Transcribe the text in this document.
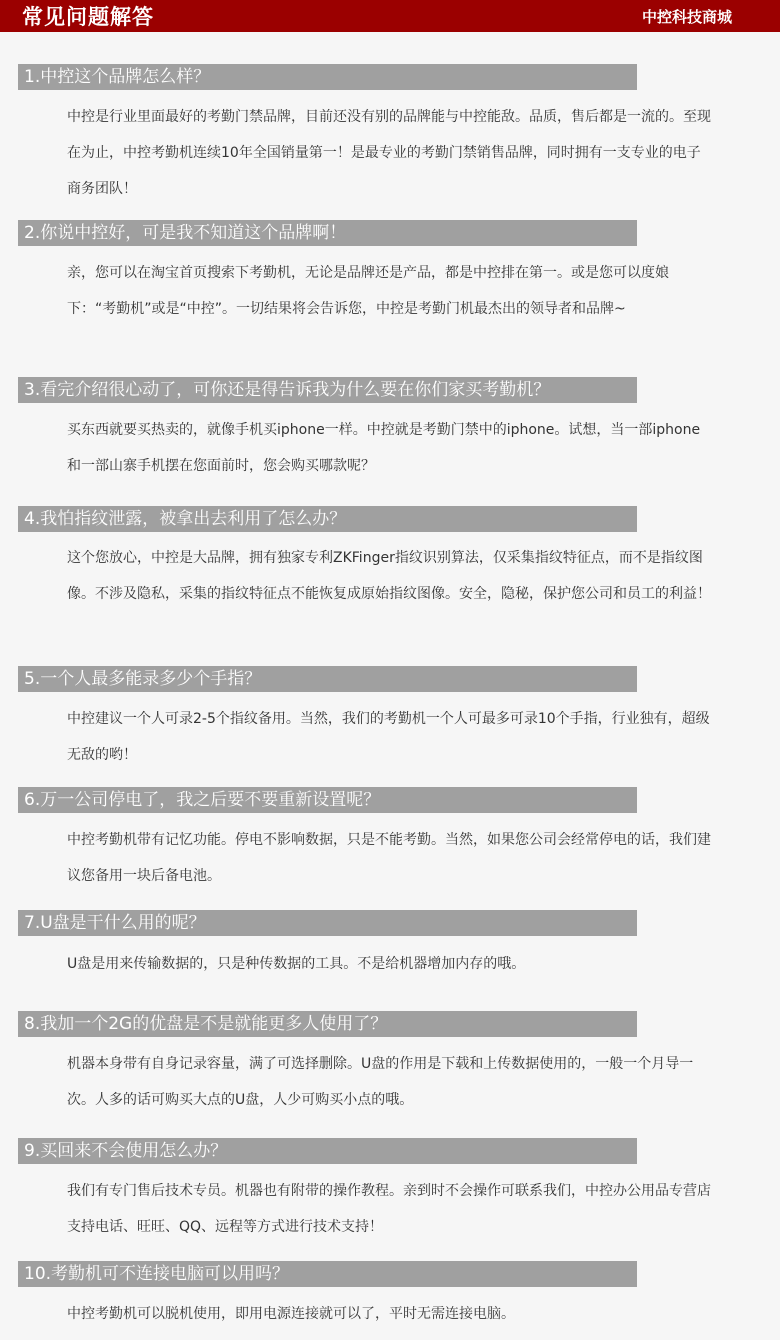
常见问题解答	中控科技商城
1.中控这个品牌怎么样？

中控是行业里面最好的考勤门禁品牌，目前还没有别的品牌能与中控能敌。品质，售后都是一流的。至现在为止，中控考勤机连续10年全国销量第一！是最专业的考勤门禁销售品牌，同时拥有一支专业的电子商务团队！

2.你说中控好，可是我不知道这个品牌啊！

亲，您可以在淘宝首页搜索下考勤机，无论是品牌还是产品，都是中控排在第一。或是您可以度娘下：“考勤机”或是“中控”。一切结果将会告诉您，中控是考勤门机最杰出的领导者和品牌~

3.看完介绍很心动了，可你还是得告诉我为什么要在你们家买考勤机？

买东西就要买热卖的，就像手机买iphone一样。中控就是考勤门禁中的iphone。试想，当一部iphone和一部山寨手机摆在您面前时，您会购买哪款呢？

4.我怕指纹泄露，被拿出去利用了怎么办？

这个您放心，中控是大品牌，拥有独家专利ZKFinger指纹识别算法，仅采集指纹特征点，而不是指纹图像。不涉及隐私，采集的指纹特征点不能恢复成原始指纹图像。安全，隐秘，保护您公司和员工的利益！

5.一个人最多能录多少个手指？

中控建议一个人可录2-5个指纹备用。当然，我们的考勤机一个人可最多可录10个手指，行业独有，超级无敌的哟！

6.万一公司停电了，我之后要不要重新设置呢？

中控考勤机带有记忆功能。停电不影响数据，只是不能考勤。当然，如果您公司会经常停电的话，我们建议您备用一块后备电池。

7.U盘是干什么用的呢？

U盘是用来传输数据的，只是种传数据的工具。不是给机器增加内存的哦。

8.我加一个2G的优盘是不是就能更多人使用了？

机器本身带有自身记录容量，满了可选择删除。U盘的作用是下载和上传数据使用的，一般一个月导一次。人多的话可购买大点的U盘，人少可购买小点的哦。

9.买回来不会使用怎么办？

我们有专门售后技术专员。机器也有附带的操作教程。亲到时不会操作可联系我们，中控办公用品专营店支持电话、旺旺、QQ、远程等方式进行技术支持！

10.考勤机可不连接电脑可以用吗？

中控考勤机可以脱机使用，即用电源连接就可以了，平时无需连接电脑。
